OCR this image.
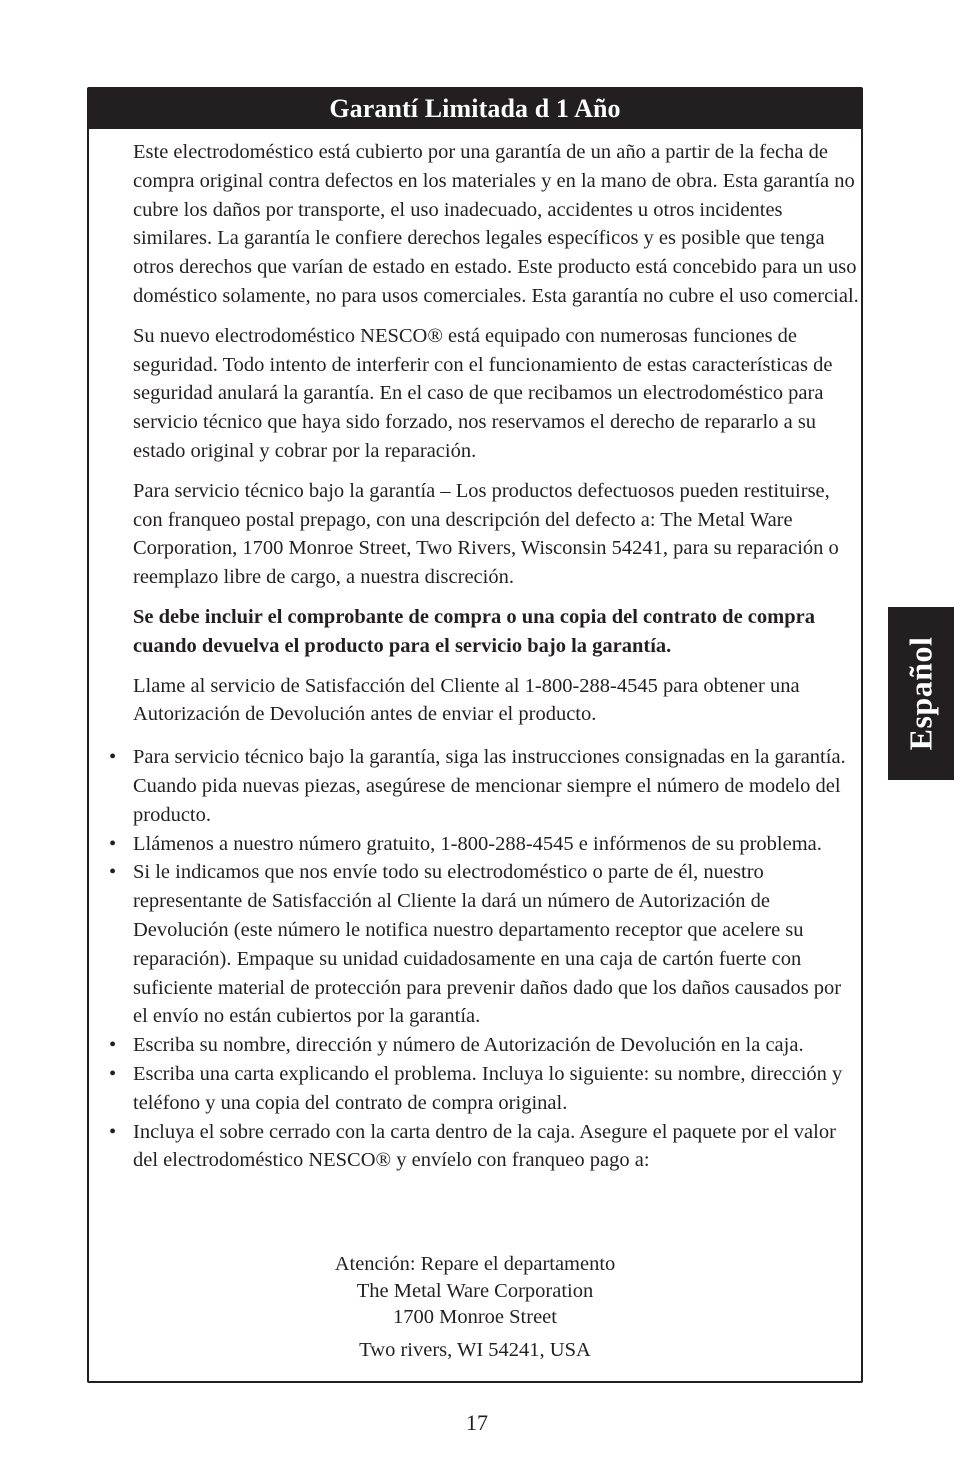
Garantí Limitada d 1 Año

Este electrodoméstico está cubierto por una garantía de un año a partir de la fecha de compra original contra defectos en los materiales y en la mano de obra. Esta garantía no cubre los daños por transporte, el uso inadecuado, accidentes u otros incidentes similares. La garantía le confiere derechos legales específicos y es posible que tenga otros derechos que varían de estado en estado. Este producto está concebido para un uso doméstico solamente, no para usos comerciales. Esta garantía no cubre el uso comercial.

Su nuevo electrodoméstico NESCO® está equipado con numerosas funciones de seguridad. Todo intento de interferir con el funcionamiento de estas características de seguridad anulará la garantía. En el caso de que recibamos un electrodoméstico para servicio técnico que haya sido forzado, nos reservamos el derecho de repararlo a su estado original y cobrar por la reparación.

Para servicio técnico bajo la garantía – Los productos defectuosos pueden restituirse, con franqueo postal prepago, con una descripción del defecto a: The Metal Ware Corporation, 1700 Monroe Street, Two Rivers, Wisconsin 54241, para su reparación o reemplazo libre de cargo, a nuestra discreción.

Se debe incluir el comprobante de compra o una copia del contrato de compra cuando devuelva el producto para el servicio bajo la garantía.

Llame al servicio de Satisfacción del Cliente al 1-800-288-4545 para obtener una Autorización de Devolución antes de enviar el producto.

• Para servicio técnico bajo la garantía, siga las instrucciones consignadas en la garantía. Cuando pida nuevas piezas, asegúrese de mencionar siempre el número de modelo del producto.
• Llámenos a nuestro número gratuito, 1-800-288-4545 e infórmenos de su problema.
• Si le indicamos que nos envíe todo su electrodoméstico o parte de él, nuestro representante de Satisfacción al Cliente la dará un número de Autorización de Devolución (este número le notifica nuestro departamento receptor que acelere su reparación). Empaque su unidad cuidadosamente en una caja de cartón fuerte con suficiente material de protección para prevenir daños dado que los daños causados por el envío no están cubiertos por la garantía.
• Escriba su nombre, dirección y número de Autorización de Devolución en la caja.
• Escriba una carta explicando el problema. Incluya lo siguiente: su nombre, dirección y teléfono y una copia del contrato de compra original.
• Incluya el sobre cerrado con la carta dentro de la caja. Asegure el paquete por el valor del electrodoméstico NESCO® y envíelo con franqueo pago a:
Atención: Repare el departamento
The Metal Ware Corporation
1700 Monroe Street
Two rivers, WI 54241, USA
Español
17
